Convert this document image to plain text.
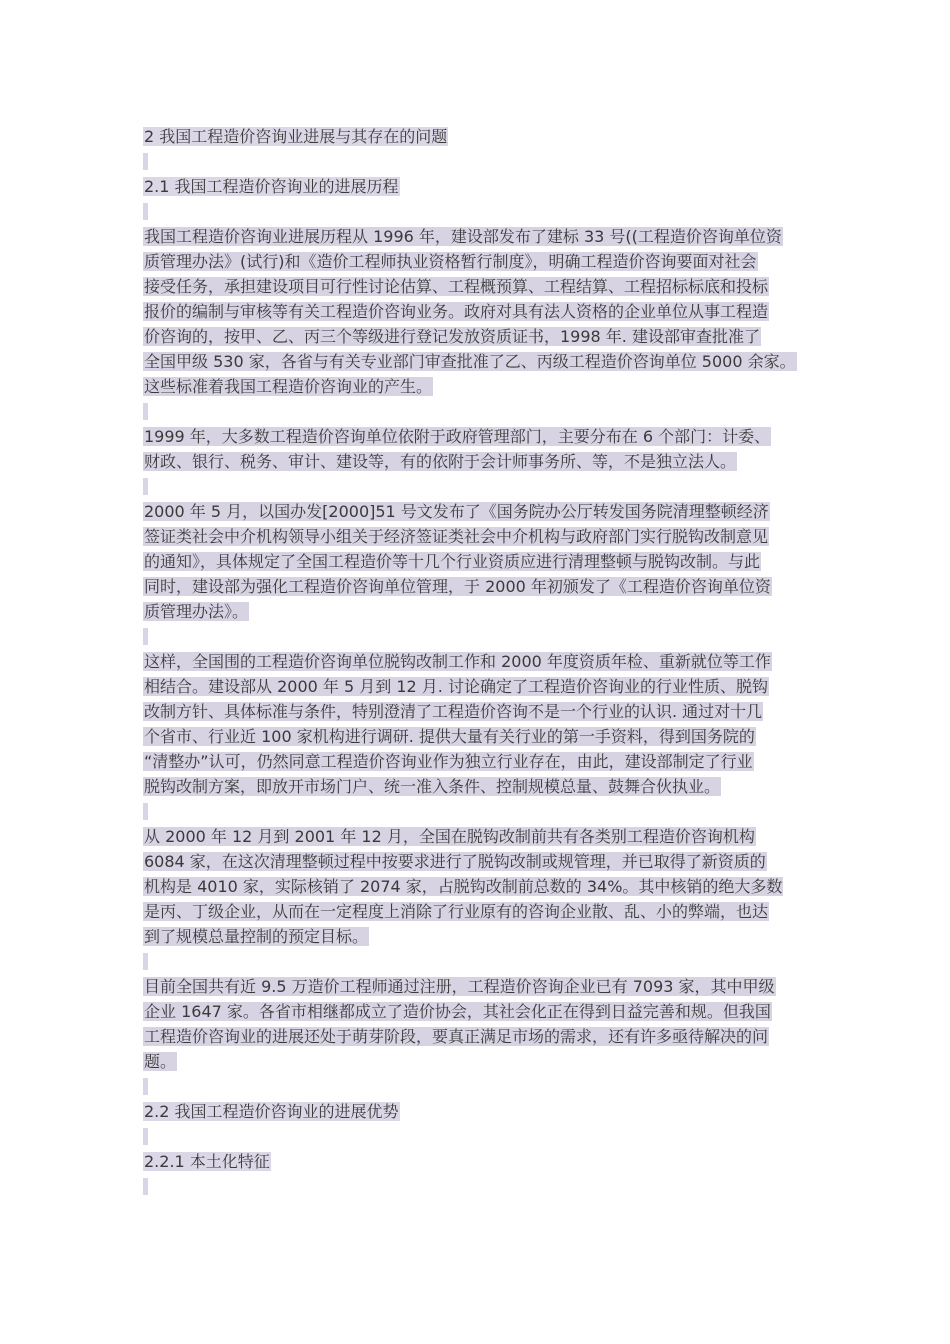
2 我国工程造价咨询业进展与其存在的问题
2.1 我国工程造价咨询业的进展历程
我国工程造价咨询业进展历程从 1996 年，建设部发布了建标 33 号((工程造价咨询单位资
质管理办法》(试行)和《造价工程师执业资格暂行制度》，明确工程造价咨询要面对社会
接受任务，承担建设项目可行性讨论估算、工程概预算、工程结算、工程招标标底和投标
报价的编制与审核等有关工程造价咨询业务。政府对具有法人资格的企业单位从事工程造
价咨询的，按甲、乙、丙三个等级进行登记发放资质证书，1998 年. 建设部审查批准了
全国甲级 530 家，各省与有关专业部门审查批准了乙、丙级工程造价咨询单位 5000 余家。
这些标准着我国工程造价咨询业的产生。
1999 年，大多数工程造价咨询单位依附于政府管理部门，主要分布在 6 个部门：计委、
财政、银行、税务、审计、建设等，有的依附于会计师事务所、等，不是独立法人。
2000 年 5 月，以国办发[2000]51 号文发布了《国务院办公厅转发国务院清理整顿经济
签证类社会中介机构领导小组关于经济签证类社会中介机构与政府部门实行脱钩改制意见
的通知》，具体规定了全国工程造价等十几个行业资质应进行清理整顿与脱钩改制。与此
同时，建设部为强化工程造价咨询单位管理，于 2000 年初颁发了《工程造价咨询单位资
质管理办法》。
这样，全国围的工程造价咨询单位脱钩改制工作和 2000 年度资质年检、重新就位等工作
相结合。建设部从 2000 年 5 月到 12 月. 讨论确定了工程造价咨询业的行业性质、脱钩
改制方针、具体标准与条件，特别澄清了工程造价咨询不是一个行业的认识. 通过对十几
个省市、行业近 100 家机构进行调研. 提供大量有关行业的第一手资料，得到国务院的
“清整办”认可，仍然同意工程造价咨询业作为独立行业存在，由此，建设部制定了行业
脱钩改制方案，即放开市场门户、统一准入条件、控制规模总量、鼓舞合伙执业。
从 2000 年 12 月到 2001 年 12 月，全国在脱钩改制前共有各类别工程造价咨询机构
6084 家，在这次清理整顿过程中按要求进行了脱钩改制或规管理，并已取得了新资质的
机构是 4010 家，实际核销了 2074 家，占脱钩改制前总数的 34%。其中核销的绝大多数
是丙、丁级企业，从而在一定程度上消除了行业原有的咨询企业散、乱、小的弊端，也达
到了规模总量控制的预定目标。
目前全国共有近 9.5 万造价工程师通过注册，工程造价咨询企业已有 7093 家，其中甲级
企业 1647 家。各省市相继都成立了造价协会，其社会化正在得到日益完善和规。但我国
工程造价咨询业的进展还处于萌芽阶段，要真正满足市场的需求，还有许多亟待解决的问
题。
2.2 我国工程造价咨询业的进展优势
2.2.1 本土化特征
